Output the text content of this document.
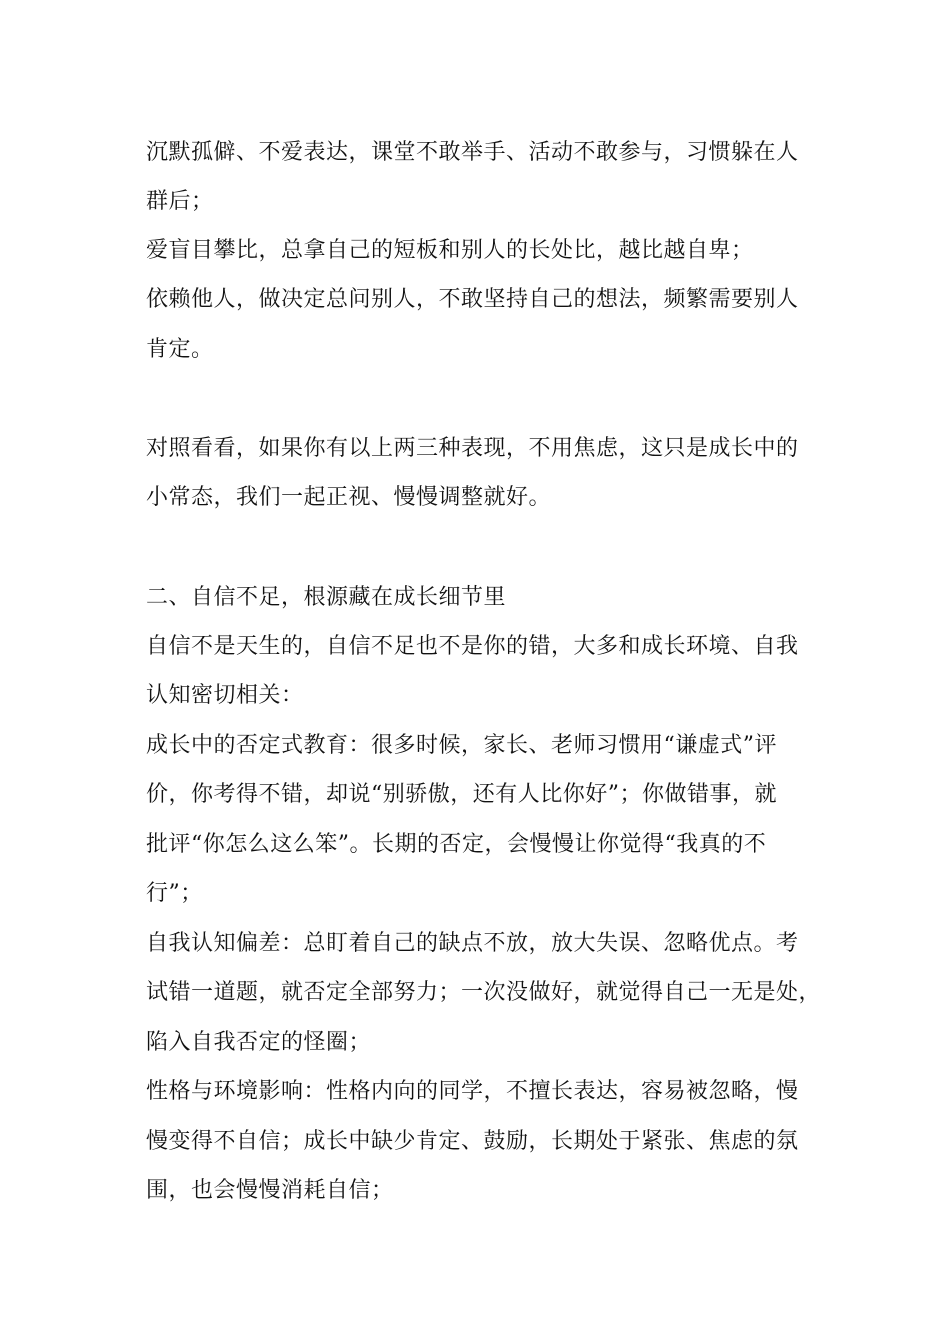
沉默孤僻、不爱表达，课堂不敢举手、活动不敢参与，习惯躲在人

群后；

爱盲目攀比，总拿自己的短板和别人的长处比，越比越自卑；

依赖他人，做决定总问别人，不敢坚持自己的想法，频繁需要别人

肯定。

对照看看，如果你有以上两三种表现，不用焦虑，这只是成长中的

小常态，我们一起正视、慢慢调整就好。

二、自信不足，根源藏在成长细节里

自信不是天生的，自信不足也不是你的错，大多和成长环境、自我

认知密切相关：

成长中的否定式教育：很多时候，家长、老师习惯用“谦虚式”评

价，你考得不错，却说“别骄傲，还有人比你好”；你做错事，就

批评“你怎么这么笨”。长期的否定，会慢慢让你觉得“我真的不

行”；

自我认知偏差：总盯着自己的缺点不放，放大失误、忽略优点。考

试错一道题，就否定全部努力；一次没做好，就觉得自己一无是处，

陷入自我否定的怪圈；

性格与环境影响：性格内向的同学，不擅长表达，容易被忽略，慢

慢变得不自信；成长中缺少肯定、鼓励，长期处于紧张、焦虑的氛

围，也会慢慢消耗自信；
